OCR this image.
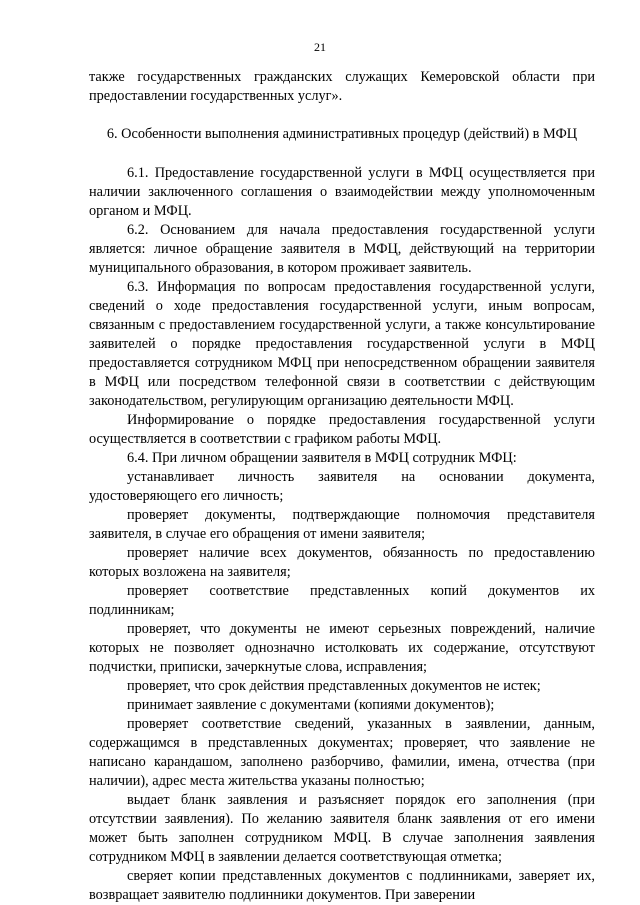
21

также государственных гражданских служащих Кемеровской области при предоставлении государственных услуг».

6. Особенности выполнения административных процедур (действий) в МФЦ

6.1. Предоставление государственной услуги в МФЦ осуществляется при наличии заключенного соглашения о взаимодействии между уполномоченным органом и МФЦ.

6.2. Основанием для начала предоставления государственной услуги является: личное обращение заявителя в МФЦ, действующий на территории муниципального образования, в котором проживает заявитель.

6.3. Информация по вопросам предоставления государственной услуги, сведений о ходе предоставления государственной услуги, иным вопросам, связанным с предоставлением государственной услуги, а также консультирование заявителей о порядке предоставления государственной услуги в МФЦ предоставляется сотрудником МФЦ при непосредственном обращении заявителя в МФЦ или посредством телефонной связи в соответствии с действующим законодательством, регулирующим организацию деятельности МФЦ.

Информирование о порядке предоставления государственной услуги осуществляется в соответствии с графиком работы МФЦ.

6.4. При личном обращении заявителя в МФЦ сотрудник МФЦ:

устанавливает личность заявителя на основании документа, удостоверяющего его личность;

проверяет документы, подтверждающие полномочия представителя заявителя, в случае его обращения от имени заявителя;

проверяет наличие всех документов, обязанность по предоставлению которых возложена на заявителя;

проверяет соответствие представленных копий документов их подлинникам;

проверяет, что документы не имеют серьезных повреждений, наличие которых не позволяет однозначно истолковать их содержание, отсутствуют подчистки, приписки, зачеркнутые слова, исправления;

проверяет, что срок действия представленных документов не истек;

принимает заявление с документами (копиями документов);

проверяет соответствие сведений, указанных в заявлении, данным, содержащимся в представленных документах; проверяет, что заявление не написано карандашом, заполнено разборчиво, фамилии, имена, отчества (при наличии), адрес места жительства указаны полностью;

выдает бланк заявления и разъясняет порядок его заполнения (при отсутствии заявления). По желанию заявителя бланк заявления от его имени может быть заполнен сотрудником МФЦ. В случае заполнения заявления сотрудником МФЦ в заявлении делается соответствующая отметка;

сверяет копии представленных документов с подлинниками, заверяет их, возвращает заявителю подлинники документов. При заверении
